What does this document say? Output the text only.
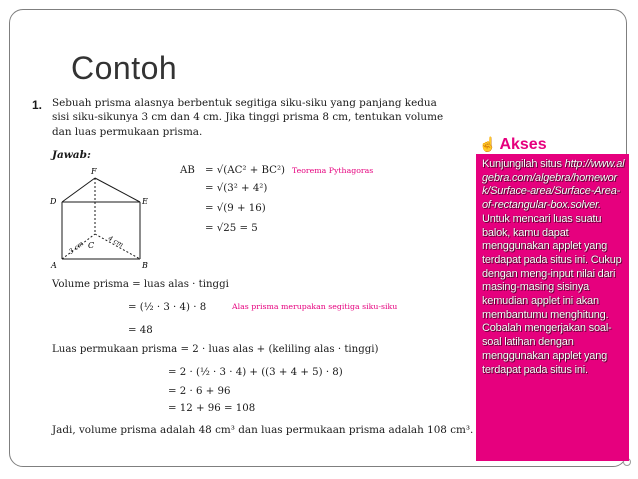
Contoh
1. Sebuah prisma alasnya berbentuk segitiga siku-siku yang panjang kedua sisi siku-sikunya 3 cm dan 4 cm. Jika tinggi prisma 8 cm, tentukan volume dan luas permukaan prisma.
Jawab:
A	B
C
D	E
F
3 cm	4 cm
AB = √(AC² + BC²) Teorema Pythagoras
= √(3² + 4²)
= √(9 + 16)
= √25 = 5
Volume prisma = luas alas · tinggi
= (½ · 3 · 4) · 8	Alas prisma merupakan segitiga siku-siku
= 48
Luas permukaan prisma = 2 · luas alas + (keliling alas · tinggi)
= 2 · (½ · 3 · 4) + ((3 + 4 + 5) · 8)
= 2 · 6 + 96
= 12 + 96 = 108
Jadi, volume prisma adalah 48 cm³ dan luas permukaan prisma adalah 108 cm³.
☝ Akses
Kunjungilah situs http://www.algebra.com/algebra/homework/Surface-area/Surface-Area-of-rectangular-box.solver. Untuk mencari luas suatu balok, kamu dapat menggunakan applet yang terdapat pada situs ini. Cukup dengan meng-input nilai dari masing-masing sisinya kemudian applet ini akan membantumu menghitung. Cobalah mengerjakan soal-soal latihan dengan menggunakan applet yang terdapat pada situs ini.
